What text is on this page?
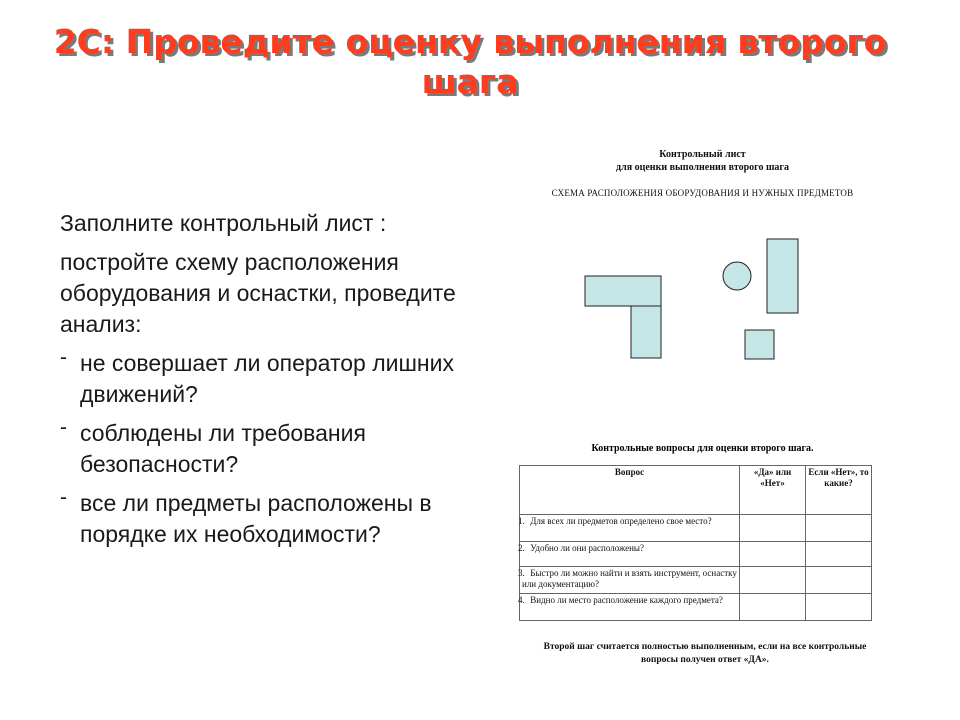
2С: Проведите оценку выполнения второго шага

Заполните контрольный лист :

постройте схему расположения оборудования и оснастки, проведите анализ:

- не совершает ли оператор лишних движений?
- соблюдены ли требования безопасности?
- все ли предметы расположены в порядке их необходимости?
Контрольный лист
для оценки выполнения второго шага
СХЕМА РАСПОЛОЖЕНИЯ ОБОРУДОВАНИЯ И НУЖНЫХ ПРЕДМЕТОВ
Контрольные вопросы для оценки второго шага.
Вопрос	«Да» или «Нет»	Если «Нет», то какие?
1. Для всех ли предметов определено свое место?		
2. Удобно ли они расположены?		
3. Быстро ли можно найти и взять инструмент, оснастку или документацию?		
4. Видно ли место расположение каждого предмета?		
Второй шаг считается полностью выполненным, если на все контрольные вопросы получен ответ «ДА».
